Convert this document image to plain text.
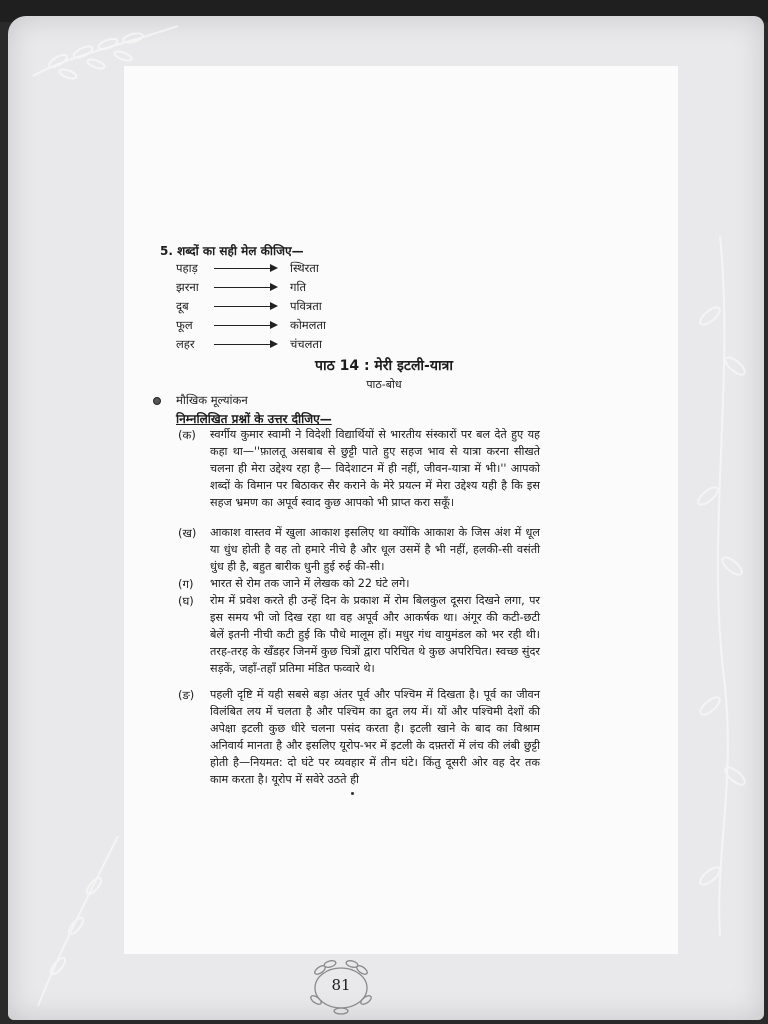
5. शब्दों का सही मेल कीजिए—
पहाड़	स्थिरता
झरना	गति
दूब	पवित्रता
फूल	कोमलता
लहर	चंचलता
पाठ 14 : मेरी इटली-यात्रा
पाठ-बोध
मौखिक मूल्यांकन
निम्नलिखित प्रश्नों के उत्तर दीजिए—
(क) स्वर्गीय कुमार स्वामी ने विदेशी विद्यार्थियों से भारतीय संस्कारों पर बल देते हुए यह कहा था—''फ़ालतू असबाब से छुट्टी पाते हुए सहज भाव से यात्रा करना सीखते चलना ही मेरा उद्देश्य रहा है— विदेशाटन में ही नहीं, जीवन-यात्रा में भी।'' आपको शब्दों के विमान पर बिठाकर सैर कराने के मेरे प्रयत्न में मेरा उद्देश्य यही है कि इस सहज भ्रमण का अपूर्व स्वाद कुछ आपको भी प्राप्त करा सकूँ।
(ख) आकाश वास्तव में खुला आकाश इसलिए था क्योंकि आकाश के जिस अंश में धूल या धुंध होती है वह तो हमारे नीचे है और धूल उसमें है भी नहीं, हलकी-सी वसंती धुंध ही है, बहुत बारीक धुनी हुई रुई की-सी।
(ग) भारत से रोम तक जाने में लेखक को 22 घंटे लगे।
(घ) रोम में प्रवेश करते ही उन्हें दिन के प्रकाश में रोम बिलकुल दूसरा दिखने लगा, पर इस समय भी जो दिख रहा था वह अपूर्व और आकर्षक था। अंगूर की कटी-छटी बेलें इतनी नीची कटी हुई कि पौधे मालूम हों। मधुर गंध वायुमंडल को भर रही थी। तरह-तरह के खँडहर जिनमें कुछ चित्रों द्वारा परिचित थे कुछ अपरिचित। स्वच्छ सुंदर सड़कें, जहाँ-तहाँ प्रतिमा मंडित फव्वारे थे।
(ङ) पहली दृष्टि में यही सबसे बड़ा अंतर पूर्व और पश्चिम में दिखता है। पूर्व का जीवन विलंबित लय में चलता है और पश्चिम का द्रुत लय में। यों और पश्चिमी देशों की अपेक्षा इटली कुछ धीरे चलना पसंद करता है। इटली खाने के बाद का विश्राम अनिवार्य मानता है और इसलिए यूरोप-भर में इटली के दफ़्तरों में लंच की लंबी छुट्टी होती है—नियमत: दो घंटे पर व्यवहार में तीन घंटे। किंतु दूसरी ओर वह देर तक काम करता है। यूरोप में सवेरे उठते ही
81
